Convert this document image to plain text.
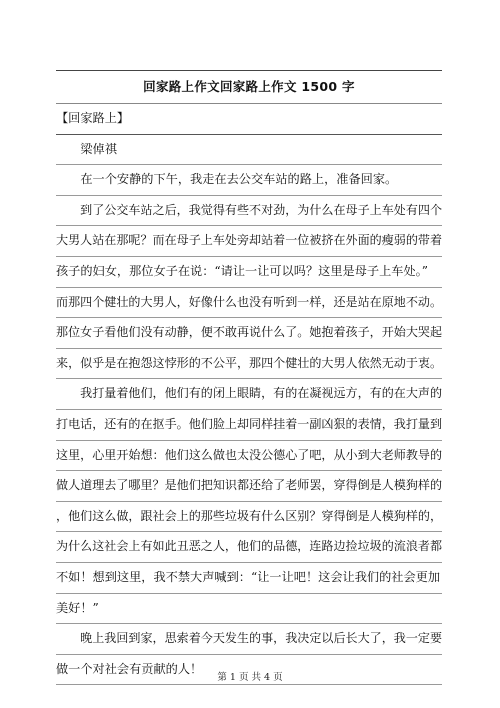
回家路上作文回家路上作文 1500 字
【回家路上】
　　梁倬祺
　　在一个安静的下午，我走在去公交车站的路上，准备回家。
　　到了公交车站之后，我觉得有些不对劲，为什么在母子上车处有四个
大男人站在那呢？而在母子上车处旁却站着一位被挤在外面的瘦弱的带着
孩子的妇女，那位女子在说：“请让一让可以吗？这里是母子上车处。”
而那四个健壮的大男人，好像什么也没有听到一样，还是站在原地不动。
那位女子看他们没有动静，便不敢再说什么了。她抱着孩子，开始大哭起
来，似乎是在抱怨这悖形的不公平，那四个健壮的大男人依然无动于衷。
　　我打量着他们，他们有的闭上眼睛，有的在凝视远方，有的在大声的
打电话，还有的在抠手。他们脸上却同样挂着一副凶狠的表情，我打量到
这里，心里开始想：他们这么做也太没公德心了吧，从小到大老师教导的
做人道理去了哪里？是他们把知识都还给了老师罢，穿得倒是人模狗样的
，他们这么做，跟社会上的那些垃圾有什么区别？穿得倒是人模狗样的，
为什么这社会上有如此丑恶之人，他们的品德，连路边捡垃圾的流浪者都
不如！想到这里，我不禁大声喊到：“让一让吧！这会让我们的社会更加
美好！”
　　晚上我回到家，思索着今天发生的事，我决定以后长大了，我一定要
做一个对社会有贡献的人！
第 1 页 共 4 页
